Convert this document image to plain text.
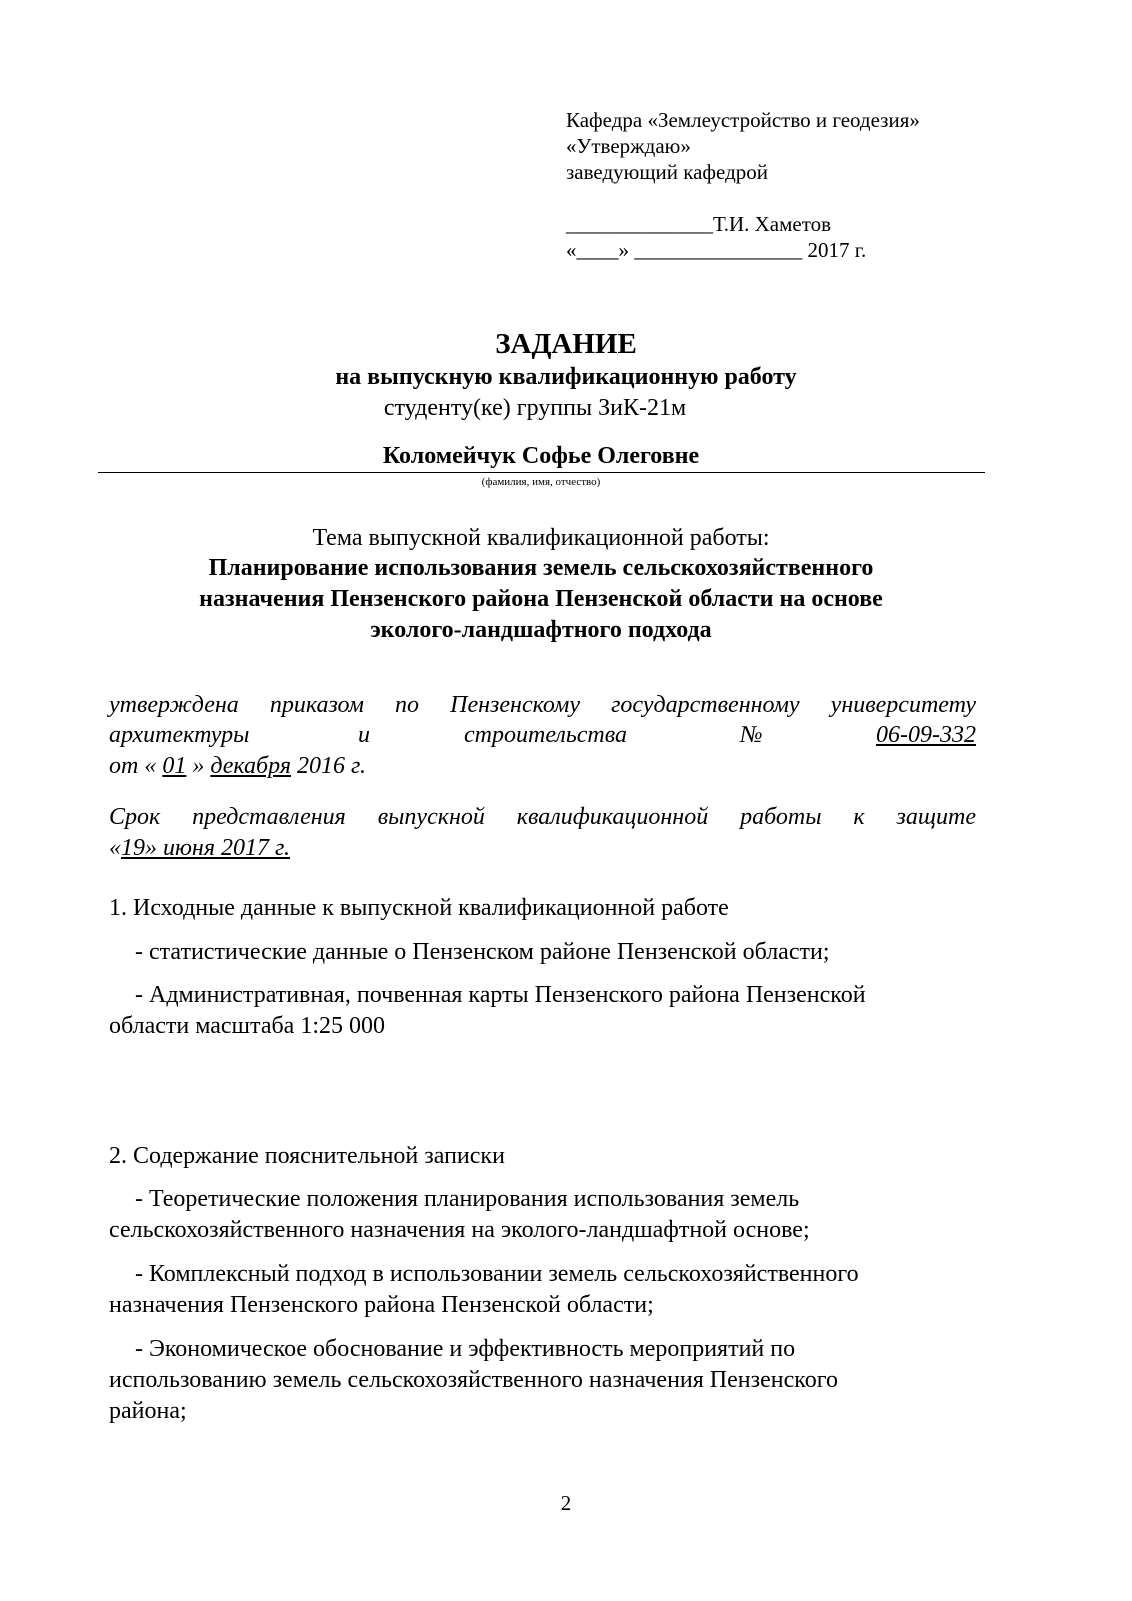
Кафедра «Землеустройство и геодезия»
«Утверждаю»
заведующий кафедрой
______________Т.И. Хаметов
«____» ________________ 2017 г.
ЗАДАНИЕ
на выпускную квалификационную работу
студенту(ке) группы ЗиК-21м
Коломейчук Софье Олеговне
(фамилия, имя, отчество)
Тема выпускной квалификационной работы:
Планирование использования земель сельскохозяйственного
назначения Пензенского района Пензенской области на основе
эколого-ландшафтного подхода
утверждена приказом по Пензенскому государственному университету
архитектуры	и	строительства	№	06-09-332
от « 01 » декабря 2016 г.
Срок представления выпускной квалификационной работы к защите
«19» июня 2017 г.
1. Исходные данные к выпускной квалификационной работе
- статистические данные о Пензенском районе Пензенской области;
- Административная, почвенная карты Пензенского района Пензенской
области масштаба 1:25 000
2. Содержание пояснительной записки
- Теоретические положения планирования использования земель
сельскохозяйственного назначения на эколого-ландшафтной основе;
- Комплексный подход в использовании земель сельскохозяйственного
назначения Пензенского района Пензенской области;
- Экономическое обоснование и эффективность мероприятий по
использованию земель сельскохозяйственного назначения Пензенского
района;
2
